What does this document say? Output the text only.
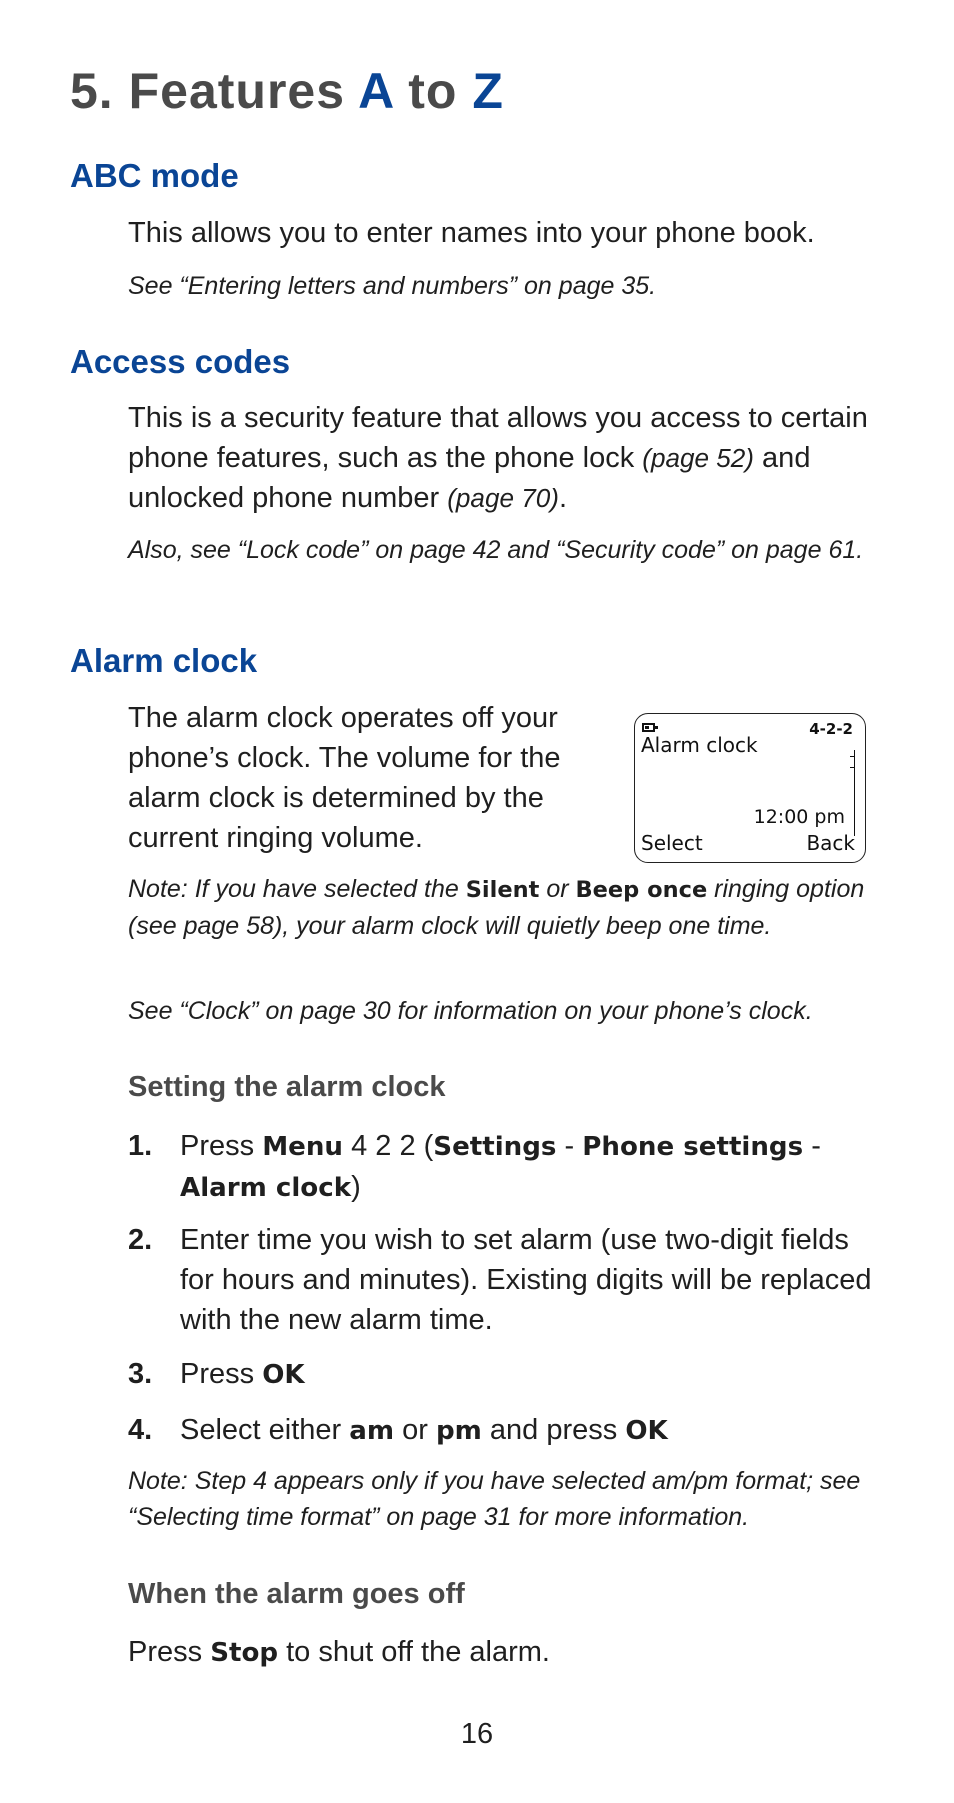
5. Features A to Z
ABC mode

This allows you to enter names into your phone book.

See “Entering letters and numbers” on page 35.

Access codes

This is a security feature that allows you access to certain phone features, such as the phone lock (page 52) and unlocked phone number (page 70).

Also, see “Lock code” on page 42 and “Security code” on page 61.

Alarm clock

The alarm clock operates off your phone’s clock. The volume for the alarm clock is determined by the current ringing volume.

4-2-2
Alarm clock
12:00 pm
Select	Back

Note: If you have selected the Silent or Beep once ringing option (see page 58), your alarm clock will quietly beep one time.

See “Clock” on page 30 for information on your phone’s clock.

Setting the alarm clock
1. Press Menu 4 2 2 (Settings - Phone settings - Alarm clock)

2. Enter time you wish to set alarm (use two-digit fields for hours and minutes). Existing digits will be replaced with the new alarm time.

3. Press OK

4. Select either am or pm and press OK

Note: Step 4 appears only if you have selected am/pm format; see “Selecting time format” on page 31 for more information.

When the alarm goes off

Press Stop to shut off the alarm.

16
